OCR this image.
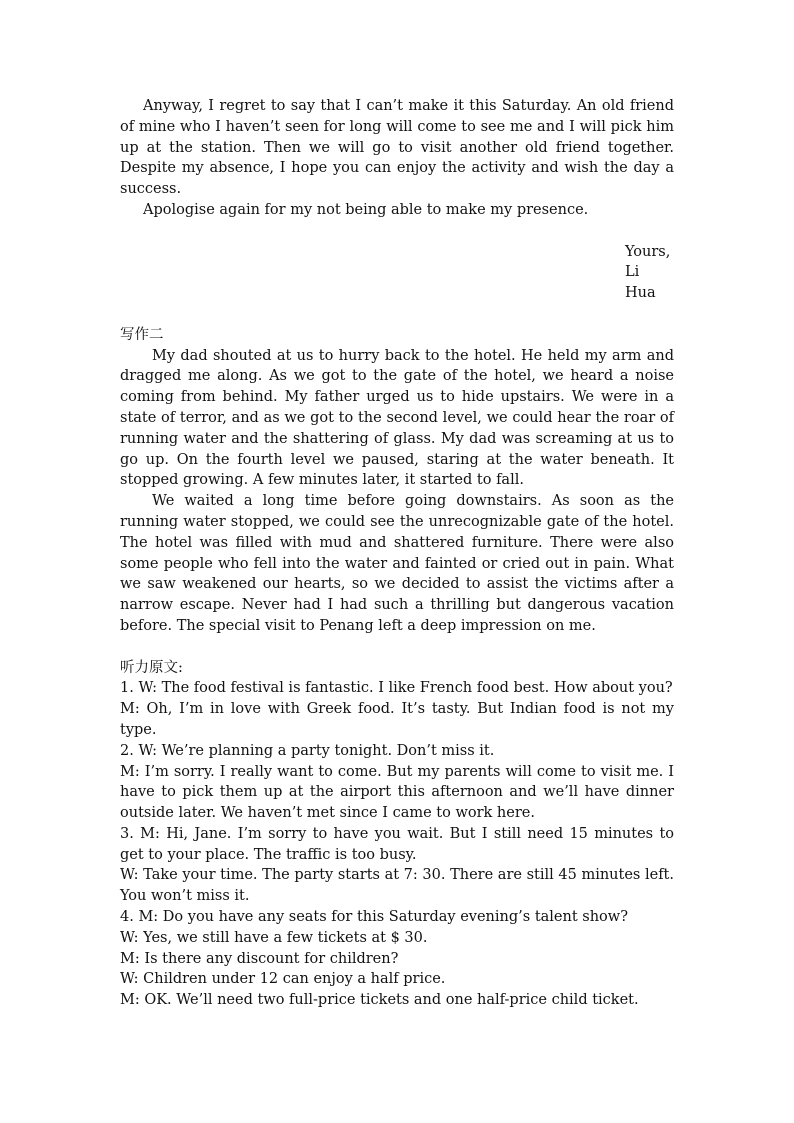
Anyway, I regret to say that I can’t make it this Saturday. An old friend of mine who I haven’t seen for long will come to see me and I will pick him up at the station. Then we will go to visit another old friend together. Despite my absence, I hope you can enjoy the activity and wish the day a success.

Apologise again for my not being able to make my presence.

Yours,

Li Hua

写作二

My dad shouted at us to hurry back to the hotel. He held my arm and dragged me along. As we got to the gate of the hotel, we heard a noise coming from behind. My father urged us to hide upstairs. We were in a state of terror, and as we got to the second level, we could hear the roar of running water and the shattering of glass. My dad was screaming at us to go up. On the fourth level we paused, staring at the water beneath. It stopped growing. A few minutes later, it started to fall.

We waited a long time before going downstairs. As soon as the running water stopped, we could see the unrecognizable gate of the hotel. The hotel was filled with mud and shattered furniture. There were also some people who fell into the water and fainted or cried out in pain. What we saw weakened our hearts, so we decided to assist the victims after a narrow escape. Never had I had such a thrilling but dangerous vacation before. The special visit to Penang left a deep impression on me.

听力原文:

1. W: The food festival is fantastic. I like French food best. How about you?

M: Oh, I’m in love with Greek food. It’s tasty. But Indian food is not my type.

2. W: We’re planning a party tonight. Don’t miss it.

M: I’m sorry. I really want to come. But my parents will come to visit me. I have to pick them up at the airport this afternoon and we’ll have dinner outside later. We haven’t met since I came to work here.

3. M: Hi, Jane. I’m sorry to have you wait. But I still need 15 minutes to get to your place. The traffic is too busy.

W: Take your time. The party starts at 7: 30. There are still 45 minutes left. You won’t miss it.

4. M: Do you have any seats for this Saturday evening’s talent show?

W: Yes, we still have a few tickets at $ 30.

M: Is there any discount for children?

W: Children under 12 can enjoy a half price.

M: OK. We’ll need two full-price tickets and one half-price child ticket.
